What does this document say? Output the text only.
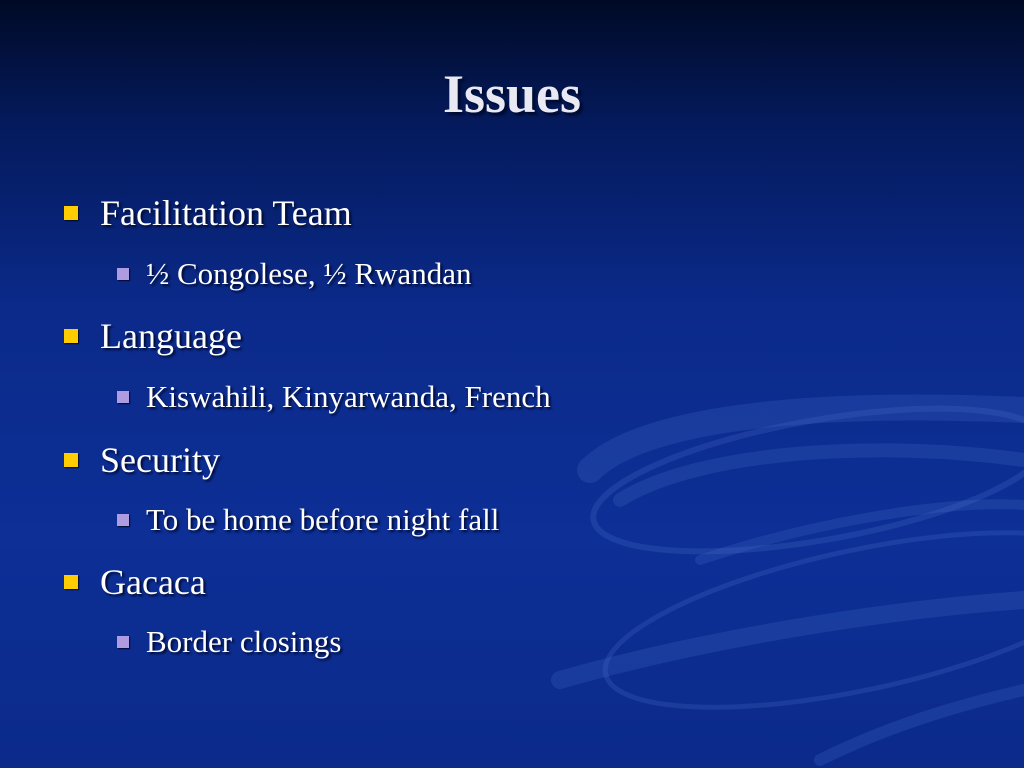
Issues
Facilitation Team
½ Congolese, ½ Rwandan
Language
Kiswahili, Kinyarwanda, French
Security
To be home before night fall
Gacaca
Border closings
